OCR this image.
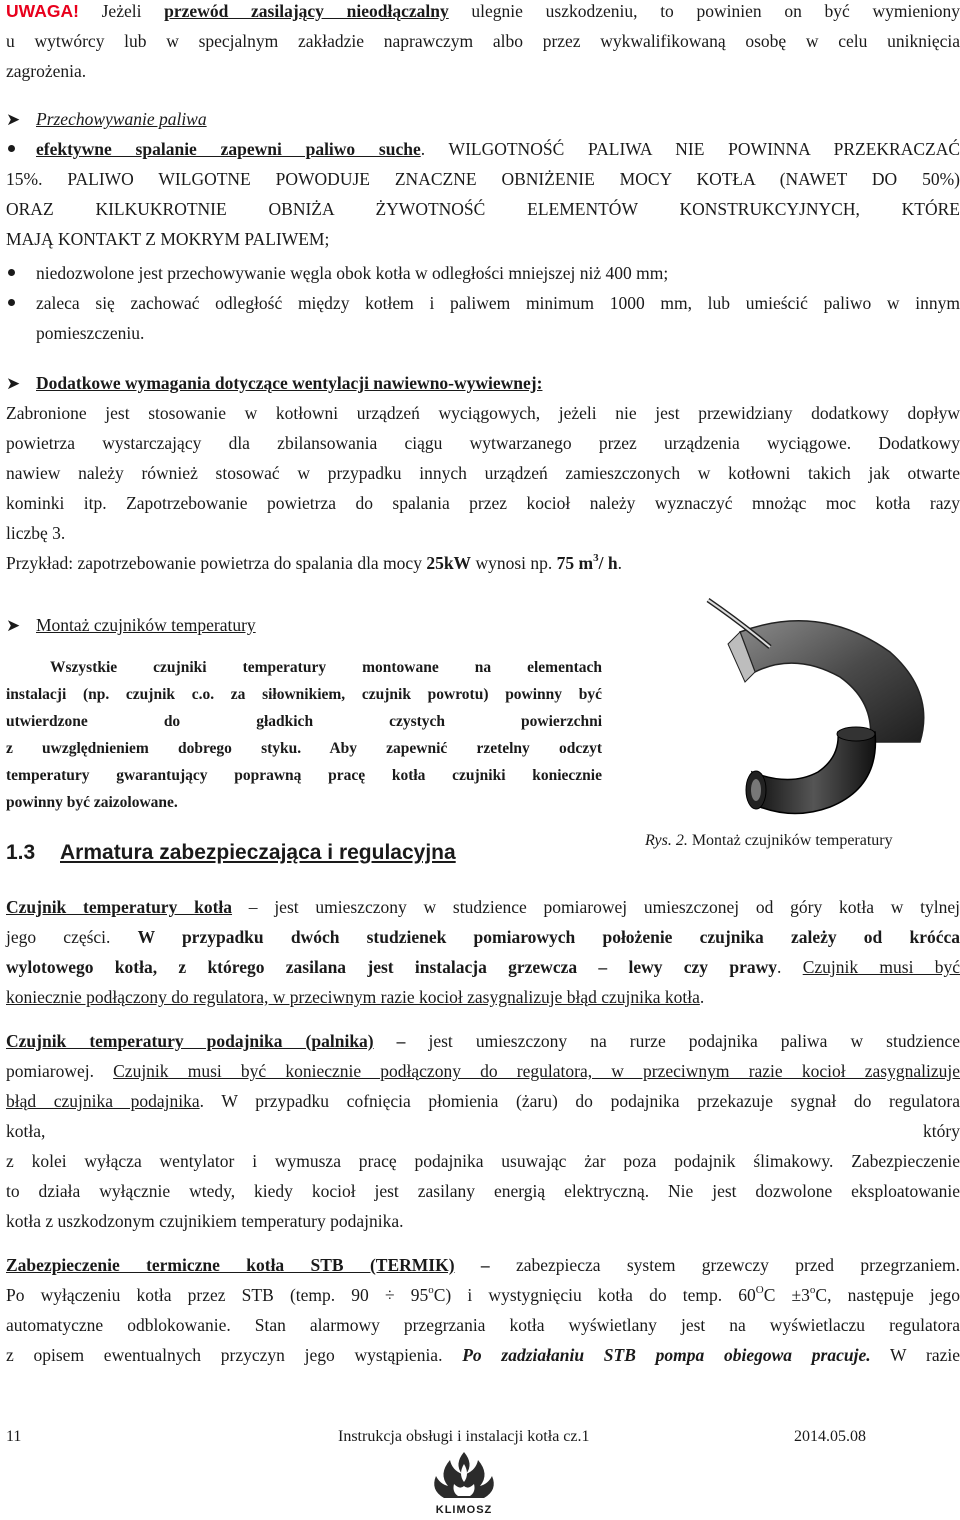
UWAGA! Jeżeli przewód zasilający nieodłączalny ulegnie uszkodzeniu, to powinien on być wymieniony
u wytwórcy lub w specjalnym zakładzie naprawczym albo przez wykwalifikowaną osobę w celu uniknięcia
zagrożenia.
➤ Przechowywanie paliwa
efektywne spalanie zapewni paliwo suche. WILGOTNOŚĆ PALIWA NIE POWINNA PRZEKRACZAĆ
15%. PALIWO WILGOTNE POWODUJE ZNACZNE OBNIŻENIE MOCY KOTŁA (NAWET DO 50%)
ORAZ KILKUKROTNIE OBNIŻA ŻYWOTNOŚĆ ELEMENTÓW KONSTRUKCYJNYCH, KTÓRE
MAJĄ KONTAKT Z MOKRYM PALIWEM;
niedozwolone jest przechowywanie węgla obok kotła w odległości mniejszej niż 400 mm;
zaleca się zachować odległość między kotłem i paliwem minimum 1000 mm, lub umieścić paliwo w innym
pomieszczeniu.
➤ Dodatkowe wymagania dotyczące wentylacji nawiewno-wywiewnej:
Zabronione jest stosowanie w kotłowni urządzeń wyciągowych, jeżeli nie jest przewidziany dodatkowy dopływ
powietrza wystarczający dla zbilansowania ciągu wytwarzanego przez urządzenia wyciągowe. Dodatkowy
nawiew należy również stosować w przypadku innych urządzeń zamieszczonych w kotłowni takich jak otwarte
kominki itp. Zapotrzebowanie powietrza do spalania przez kocioł należy wyznaczyć mnożąc moc kotła razy
liczbę 3.
Przykład: zapotrzebowanie powietrza do spalania dla mocy 25kW wynosi np. 75 $m^3/$ h.
➤ Montaż czujników temperatury
Wszystkie czujniki temperatury montowane na elementach
instalacji (np. czujnik c.o. za siłownikiem, czujnik powrotu) powinny być
utwierdzone do gładkich czystych powierzchni
z uwzględnieniem dobrego styku. Aby zapewnić rzetelny odczyt
temperatury gwarantujący poprawną pracę kotła czujniki koniecznie
powinny być zaizolowane.
Rys. 2. Montaż czujników temperatury
1.3 Armatura zabezpieczająca i regulacyjna
Czujnik temperatury kotła – jest umieszczony w studzience pomiarowej umieszczonej od góry kotła w tylnej
jego części. W przypadku dwóch studzienek pomiarowych położenie czujnika zależy od króćca
wylotowego kotła, z którego zasilana jest instalacja grzewcza – lewy czy prawy. Czujnik musi być
koniecznie podłączony do regulatora, w przeciwnym razie kocioł zasygnalizuje błąd czujnika kotła.
Czujnik temperatury podajnika (palnika) – jest umieszczony na rurze podajnika paliwa w studzience
pomiarowej. Czujnik musi być koniecznie podłączony do regulatora, w przeciwnym razie kocioł zasygnalizuje
błąd czujnika podajnika. W przypadku cofnięcia płomienia (żaru) do podajnika przekazuje sygnał do regulatora
kotła,	który
z kolei wyłącza wentylator i wymusza pracę podajnika usuwając żar poza podajnik ślimakowy. Zabezpieczenie
to działa wyłącznie wtedy, kiedy kocioł jest zasilany energią elektryczną. Nie jest dozwolone eksploatowanie
kotła z uszkodzonym czujnikiem temperatury podajnika.
Zabezpieczenie termiczne kotła STB (TERMIK) – zabezpiecza system grzewczy przed przegrzaniem.
Po wyłączeniu kotła przez STB (temp. $90 \div 95^oC$) i wystygnięciu kotła do temp. $60^OC \pm 3^oC$, następuje jego
automatyczne odblokowanie. Stan alarmowy przegrzania kotła wyświetlany jest na wyświetlaczu regulatora
z opisem ewentualnych przyczyn jego wystąpienia. Po zadziałaniu STB pompa obiegowa pracuje. W razie
11	Instrukcja obsługi i instalacji kotła cz.1	2014.05.08
KLIMOSZ
